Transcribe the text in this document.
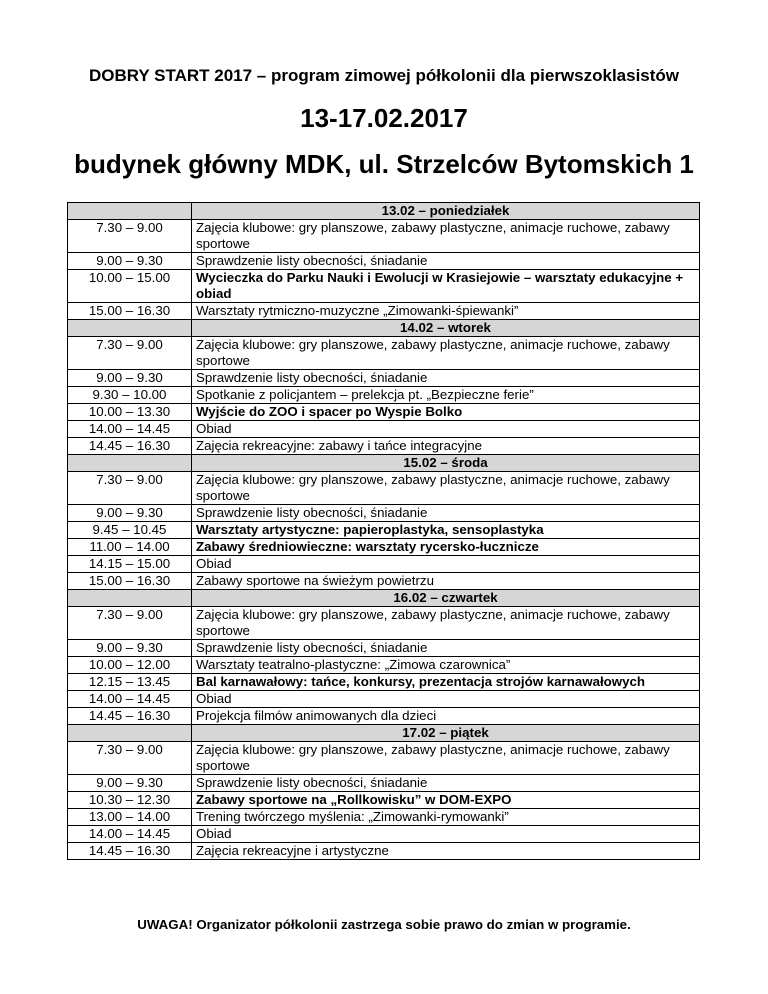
DOBRY START 2017 – program zimowej półkolonii dla pierwszoklasistów
13-17.02.2017
budynek główny MDK, ul. Strzelców Bytomskich 1
	13.02 – poniedziałek
7.30 – 9.00	Zajęcia klubowe: gry planszowe, zabawy plastyczne, animacje ruchowe, zabawy sportowe
9.00 – 9.30	Sprawdzenie listy obecności, śniadanie
10.00 – 15.00	Wycieczka do Parku Nauki i Ewolucji w Krasiejowie – warsztaty edukacyjne + obiad
15.00 – 16.30	Warsztaty rytmiczno-muzyczne „Zimowanki-śpiewanki”
	14.02 – wtorek
7.30 – 9.00	Zajęcia klubowe: gry planszowe, zabawy plastyczne, animacje ruchowe, zabawy sportowe
9.00 – 9.30	Sprawdzenie listy obecności, śniadanie
9.30 – 10.00	Spotkanie z policjantem – prelekcja pt. „Bezpieczne ferie”
10.00 – 13.30	Wyjście do ZOO i spacer po Wyspie Bolko
14.00 – 14.45	Obiad
14.45 – 16.30	Zajęcia rekreacyjne: zabawy i tańce integracyjne
	15.02 – środa
7.30 – 9.00	Zajęcia klubowe: gry planszowe, zabawy plastyczne, animacje ruchowe, zabawy sportowe
9.00 – 9.30	Sprawdzenie listy obecności, śniadanie
9.45 – 10.45	Warsztaty artystyczne: papieroplastyka, sensoplastyka
11.00 – 14.00	Zabawy średniowieczne: warsztaty rycersko-łucznicze
14.15 – 15.00	Obiad
15.00 – 16.30	Zabawy sportowe na świeżym powietrzu
	16.02 – czwartek
7.30 – 9.00	Zajęcia klubowe: gry planszowe, zabawy plastyczne, animacje ruchowe, zabawy sportowe
9.00 – 9.30	Sprawdzenie listy obecności, śniadanie
10.00 – 12.00	Warsztaty teatralno-plastyczne: „Zimowa czarownica”
12.15 – 13.45	Bal karnawałowy: tańce, konkursy, prezentacja strojów karnawałowych
14.00 – 14.45	Obiad
14.45 – 16.30	Projekcja filmów animowanych dla dzieci
	17.02 – piątek
7.30 – 9.00	Zajęcia klubowe: gry planszowe, zabawy plastyczne, animacje ruchowe, zabawy sportowe
9.00 – 9.30	Sprawdzenie listy obecności, śniadanie
10.30 – 12.30	Zabawy sportowe na „Rollkowisku” w DOM-EXPO
13.00 – 14.00	Trening twórczego myślenia: „Zimowanki-rymowanki”
14.00 – 14.45	Obiad
14.45 – 16.30	Zajęcia rekreacyjne i artystyczne
UWAGA! Organizator półkolonii zastrzega sobie prawo do zmian w programie.
